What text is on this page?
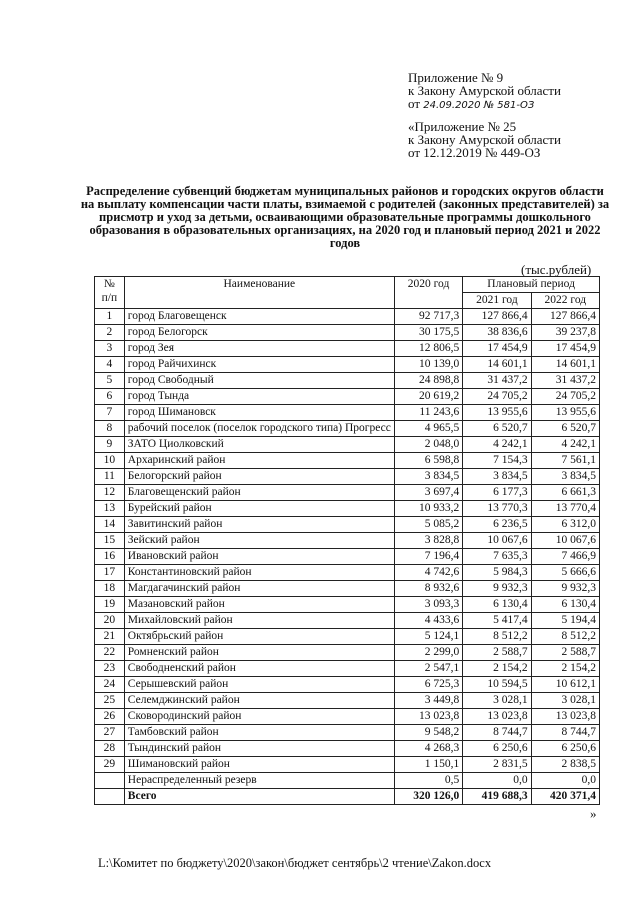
Приложение № 9
к Закону Амурской области
от 24.09.2020 № 581-ОЗ
«Приложение № 25
к Закону Амурской области
от 12.12.2019 № 449-ОЗ
Распределение субвенций бюджетам муниципальных районов и городских округов области на выплату компенсации части платы, взимаемой с родителей (законных представителей) за присмотр и уход за детьми, осваивающими образовательные программы дошкольного образования в образовательных организациях, на 2020 год и плановый период 2021 и 2022 годов
(тыс.рублей)
№
п/п	Наименование	2020 год	Плановый период	
			2021 год	2022 год
1	город Благовещенск	92 717,3	127 866,4	127 866,4
2	город Белогорск	30 175,5	38 836,6	39 237,8
3	город Зея	12 806,5	17 454,9	17 454,9
4	город Райчихинск	10 139,0	14 601,1	14 601,1
5	город Свободный	24 898,8	31 437,2	31 437,2
6	город Тында	20 619,2	24 705,2	24 705,2
7	город Шимановск	11 243,6	13 955,6	13 955,6
8	рабочий поселок (поселок городского типа) Прогресс	4 965,5	6 520,7	6 520,7
9	ЗАТО Циолковский	2 048,0	4 242,1	4 242,1
10	Архаринский район	6 598,8	7 154,3	7 561,1
11	Белогорский район	3 834,5	3 834,5	3 834,5
12	Благовещенский район	3 697,4	6 177,3	6 661,3
13	Бурейский район	10 933,2	13 770,3	13 770,4
14	Завитинский район	5 085,2	6 236,5	6 312,0
15	Зейский район	3 828,8	10 067,6	10 067,6
16	Ивановский район	7 196,4	7 635,3	7 466,9
17	Константиновский район	4 742,6	5 984,3	5 666,6
18	Магдагачинский район	8 932,6	9 932,3	9 932,3
19	Мазановский район	3 093,3	6 130,4	6 130,4
20	Михайловский район	4 433,6	5 417,4	5 194,4
21	Октябрьский район	5 124,1	8 512,2	8 512,2
22	Ромненский район	2 299,0	2 588,7	2 588,7
23	Свободненский район	2 547,1	2 154,2	2 154,2
24	Серышевский район	6 725,3	10 594,5	10 612,1
25	Селемджинский район	3 449,8	3 028,1	3 028,1
26	Сковородинский район	13 023,8	13 023,8	13 023,8
27	Тамбовский район	9 548,2	8 744,7	8 744,7
28	Тындинский район	4 268,3	6 250,6	6 250,6
29	Шимановский район	1 150,1	2 831,5	2 838,5
	Нераспределенный резерв	0,5	0,0	0,0
	Всего	320 126,0	419 688,3	420 371,4
»
L:\Комитет по бюджету\2020\закон\бюджет сентябрь\2 чтение\Zakon.docx
